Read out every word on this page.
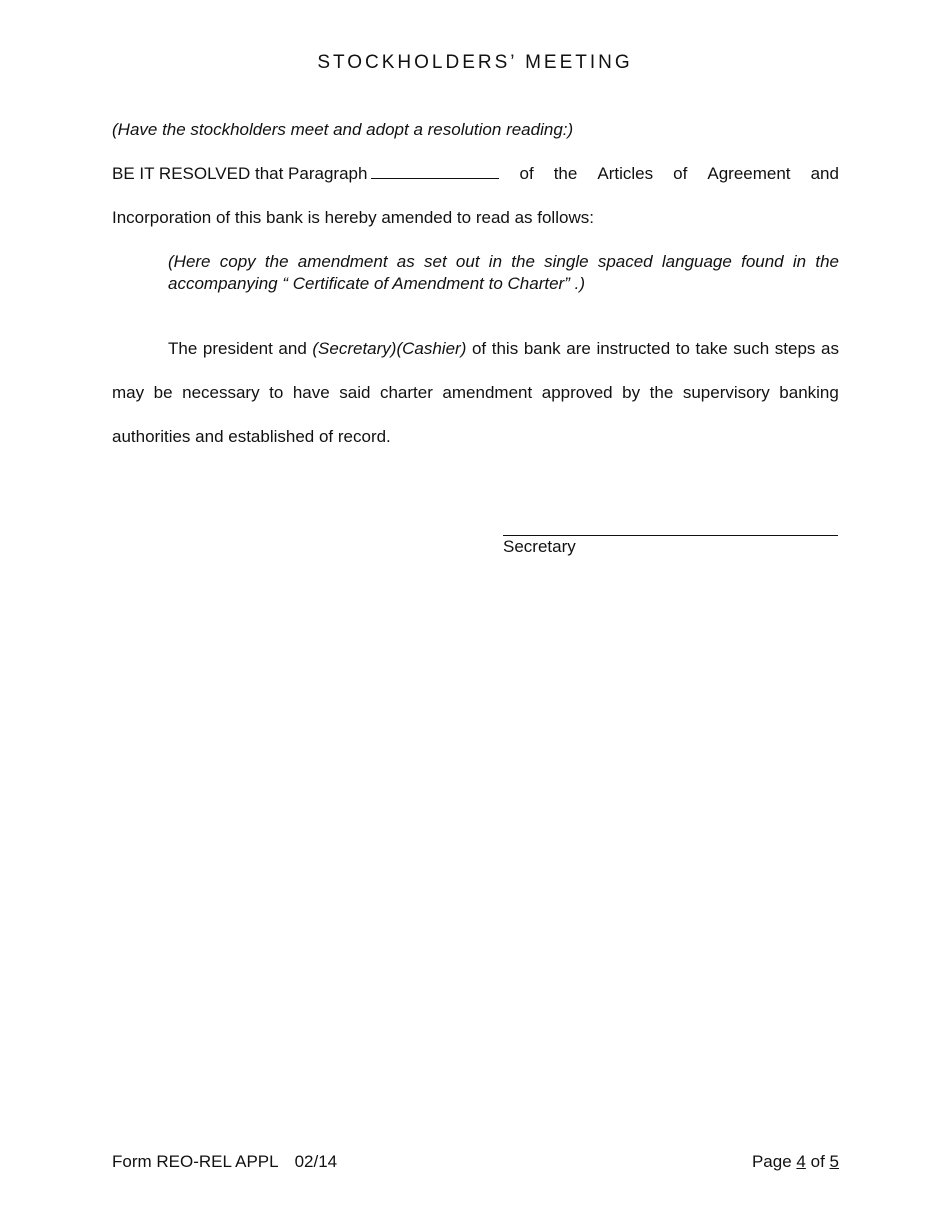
STOCKHOLDERS’ MEETING
(Have the stockholders meet and adopt a resolution reading:)
BE IT RESOLVED that Paragraph	of the Articles of Agreement and
Incorporation of this bank is hereby amended to read as follows:
(Here copy the amendment as set out in the single spaced language found in the
accompanying “ Certificate of Amendment to Charter” .)
The president and (Secretary)(Cashier) of this bank are instructed to take such steps as
may be necessary to have said charter amendment approved by the supervisory banking
authorities and established of record.
Secretary
Form REO-REL APPL 02/14	Page 4 of 5
